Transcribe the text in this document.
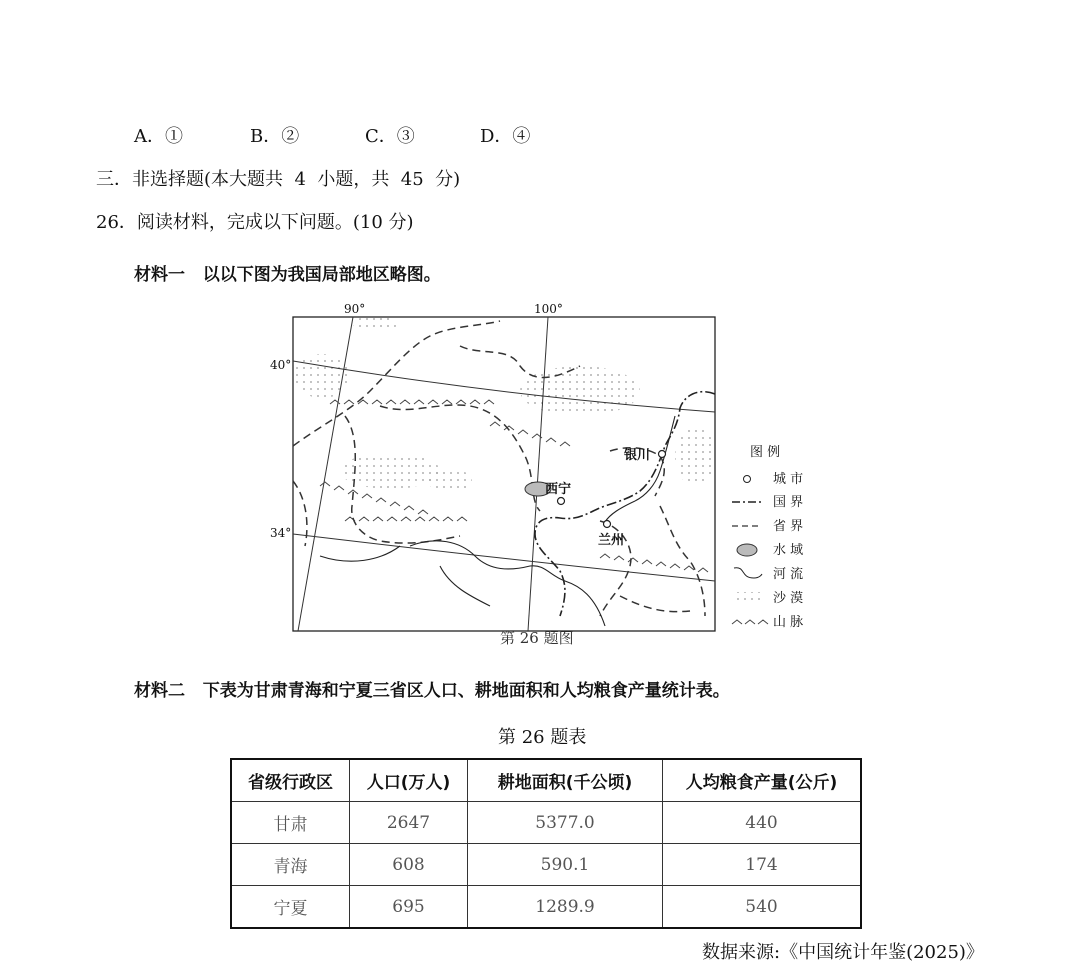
A．①	B．②	C．③	D．④
三．非选择题(本大题共  4  小题，共  45  分)
26．阅读材料，完成以下问题。(10 分)
材料一   以以下图为我国局部地区略图。
银川
西宁
兰州
90°	100°
40°
34°
第 26 题图
图 例
城 市
国 界
省 界
水 域
河 流
沙 漠
山 脉
材料二   下表为甘肃青海和宁夏三省区人口、耕地面积和人均粮食产量统计表。
第 26 题表
省级行政区	人口(万人)	耕地面积(千公顷)	人均粮食产量(公斤)
甘肃	2647	5377.0	440
青海	608	590.1	174
宁夏	695	1289.9	540
数据来源:《中国统计年鉴(2025)》
